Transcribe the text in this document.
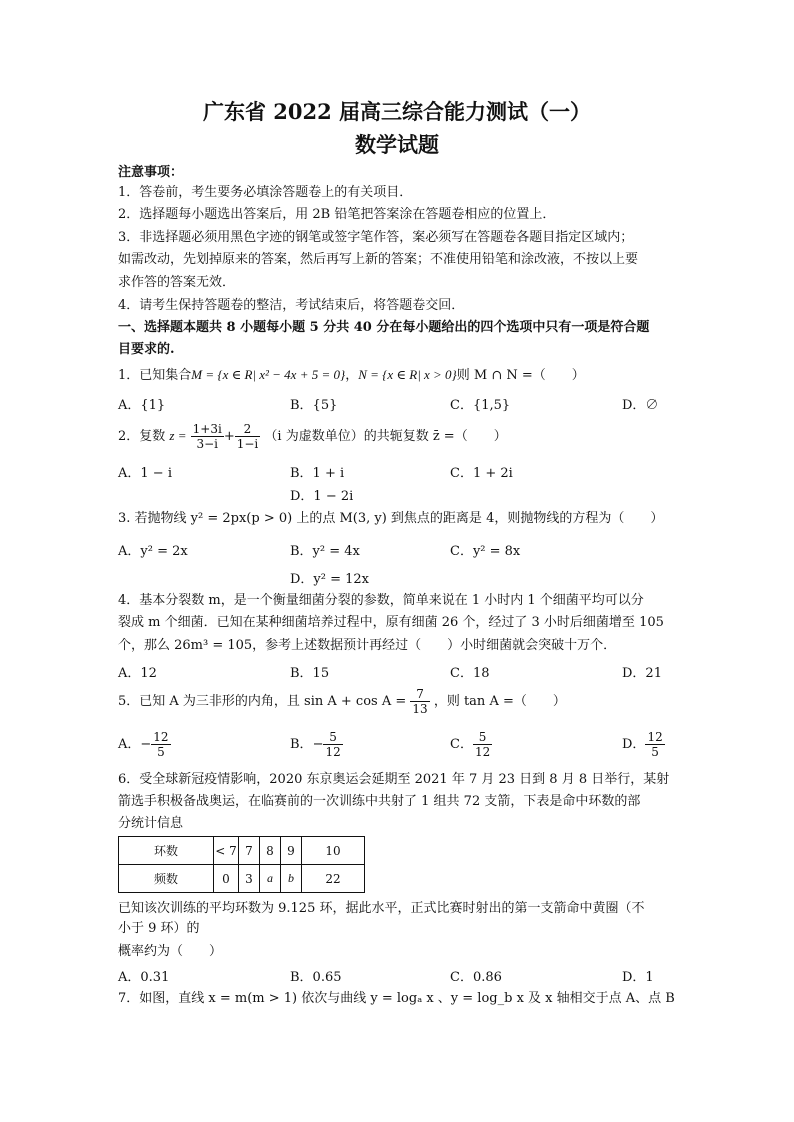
广东省 2022 届高三综合能力测试（一）
数学试题
注意事项：
1．答卷前，考生要务必填涂答题卷上的有关项目．
2．选择题每小题选出答案后，用 2B 铅笔把答案涂在答题卷相应的位置上．
3．非选择题必须用黑色字迹的钢笔或签字笔作答，案必须写在答题卷各题目指定区域内；
如需改动，先划掉原来的答案，然后再写上新的答案；不准使用铅笔和涂改液，不按以上要
求作答的答案无效．
4．请考生保持答题卷的整洁，考试结束后，将答题卷交回．
一、选择题本题共 8 小题每小题 5 分共 40 分在每小题给出的四个选项中只有一项是符合题
目要求的.
1．已知集合M = {x ∈ R| x² − 4x + 5 = 0}，N = {x ∈ R| x > 0}则 M ∩ N =（　　）
A．{1}	B．{5}	C．{1,5}	D．∅
2．复数 $z = \frac{1+3i}{3-i} + \frac{2}{1-i} (i$ 为虚数单位）的共轭复数 z̄ =（　　）
A．1 − i	B．1 + i	C．1 + 2i
D．1 − 2i
3. 若抛物线 y² = 2px(p > 0) 上的点 M(3, y) 到焦点的距离是 4，则抛物线的方程为（　　）
A．y² = 2x	B．y² = 4x	C．y² = 8x
D．y² = 12x
4．基本分裂数 m，是一个衡量细菌分裂的参数，简单来说在 1 小时内 1 个细菌平均可以分
裂成 m 个细菌．已知在某种细菌培养过程中，原有细菌 26 个，经过了 3 小时后细菌增至 105
个，那么 26m³ = 105，参考上述数据预计再经过（　　）小时细菌就会突破十万个．
A．12	B．15	C．18	D．21
5．已知 A 为三非形的内角，且 $\sin A + \cos A = \frac{7}{13}$ ，则 tan A =（　　）
A．− $\frac{12}{5}$	B．− $\frac{5}{12}$	C． $\frac{5}{12}$	D． $\frac{12}{5}$
6．受全球新冠疫情影响，2020 东京奥运会延期至 2021 年 7 月 23 日到 8 月 8 日举行，某射
箭选手积极备战奥运，在临赛前的一次训练中共射了 1 组共 72 支箭，下表是命中环数的部
分统计信息
环数	< 7	7	8	9	10
频数	0	3	a	b	22
已知该次训练的平均环数为 9.125 环，据此水平，正式比赛时射出的第一支箭命中黄圈（不
小于 9 环）的
概率约为（　　）
A．0.31	B．0.65	C．0.86	D．1
7．如图，直线 x = m(m > 1) 依次与曲线 y = logₐ x 、y = log_b x 及 x 轴相交于点 A、点 B
